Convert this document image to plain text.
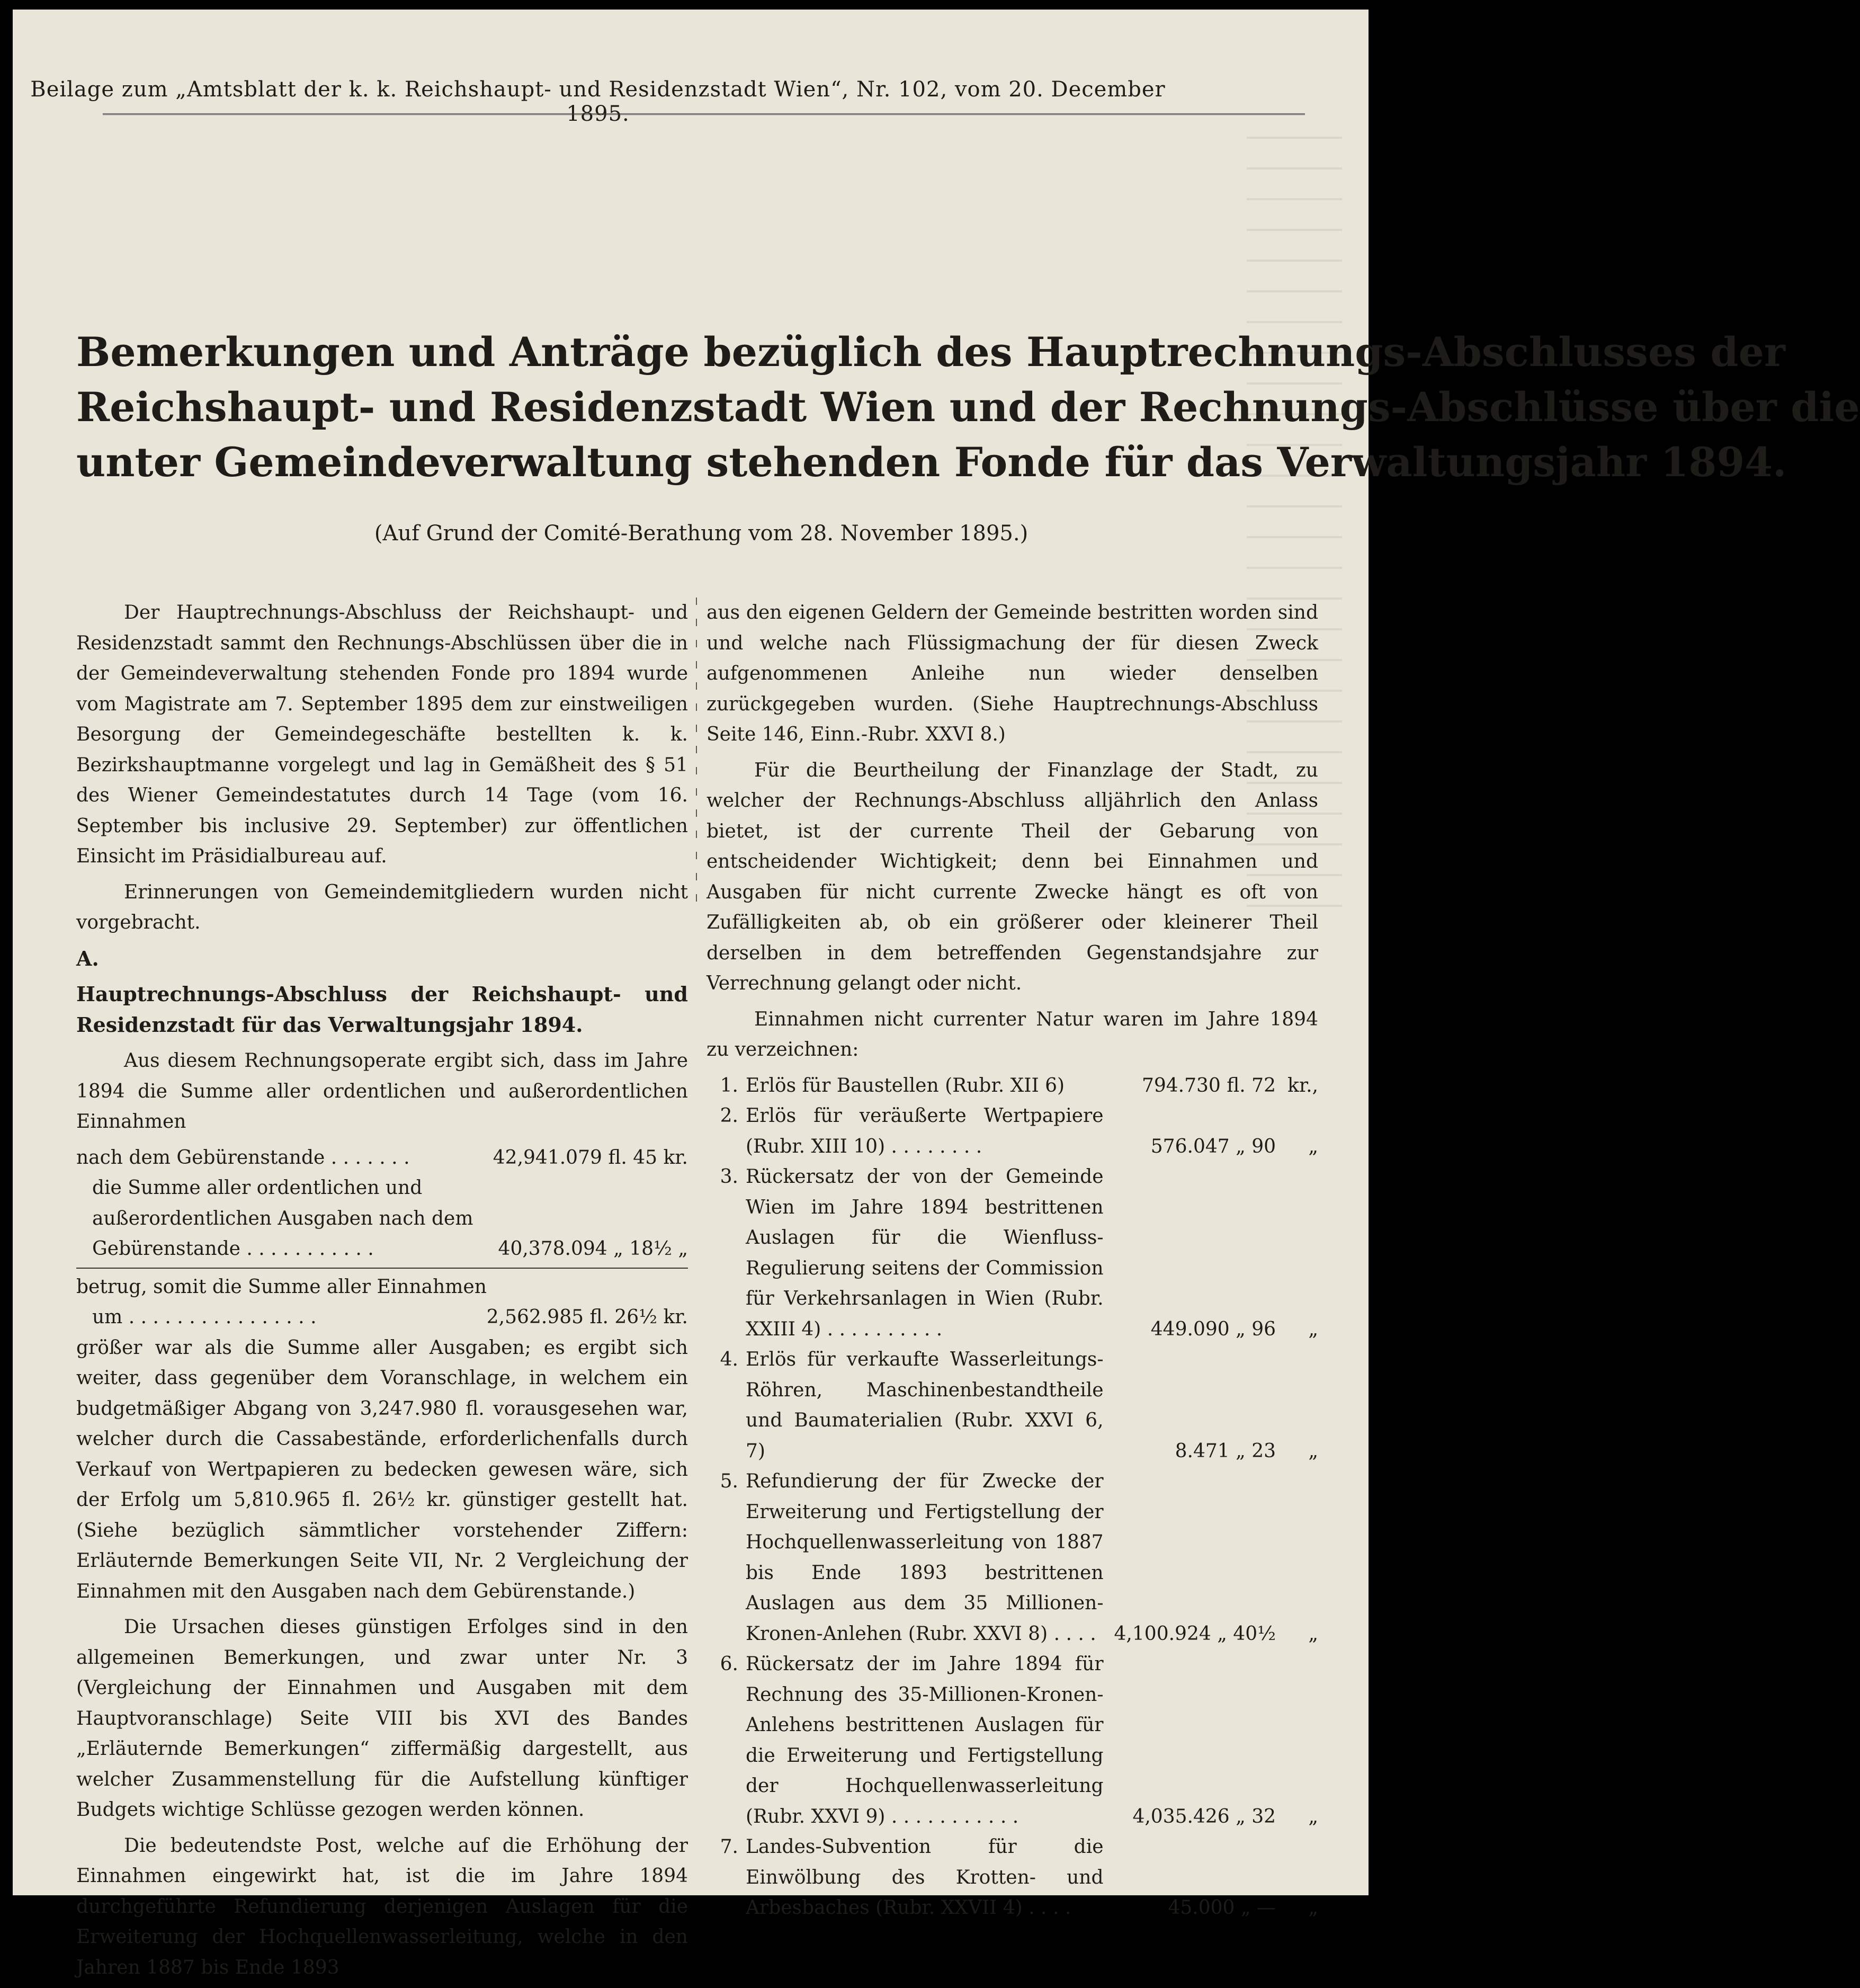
Beilage zum „Amtsblatt der k. k. Reichshaupt- und Residenzstadt Wien“, Nr. 102, vom 20. December 1895.
Bemerkungen und Anträge bezüglich des Hauptrechnungs-Abschlusses der
Reichshaupt- und Residenzstadt Wien und der Rechnungs-Abschlüsse über die
unter Gemeindeverwaltung stehenden Fonde für das Verwaltungsjahr 1894.
(Auf Grund der Comité-Berathung vom 28. November 1895.)

Der Hauptrechnungs-Abschluss der Reichshaupt- und Residenzstadt sammt den Rechnungs-Abschlüssen über die in der Gemeindeverwaltung stehenden Fonde pro 1894 wurde vom Magistrate am 7. September 1895 dem zur einstweiligen Besorgung der Gemeindegeschäfte bestellten k. k. Bezirkshauptmanne vorgelegt und lag in Gemäßheit des § 51 des Wiener Gemeindestatutes durch 14 Tage (vom 16. September bis inclusive 29. September) zur öffentlichen Einsicht im Präsidialbureau auf.

Erinnerungen von Gemeindemitgliedern wurden nicht vorgebracht.

A.

Hauptrechnungs-Abschluss der Reichshaupt- und Residenzstadt für das Verwaltungsjahr 1894.

Aus diesem Rechnungsoperate ergibt sich, dass im Jahre 1894 die Summe aller ordentlichen und außerordentlichen Einnahmen

nach dem Gebürenstande . . . . . . .	42,941.079 fl. 45 kr.
die Summe aller ordentlichen und außerordentlichen Ausgaben nach dem Gebürenstande . . . . . . . . . . .	40,378.094 „ 18½ „

betrug, somit die Summe aller Einnahmen

um . . . . . . . . . . . . . . . .	2,562.985 fl. 26½ kr.

größer war als die Summe aller Ausgaben; es ergibt sich weiter, dass gegenüber dem Voranschlage, in welchem ein budgetmäßiger Abgang von 3,247.980 fl. vorausgesehen war, welcher durch die Cassabestände, erforderlichenfalls durch Verkauf von Wertpapieren zu bedecken gewesen wäre, sich der Erfolg um 5,810.965 fl. 26½ kr. günstiger gestellt hat. (Siehe bezüglich sämmtlicher vorstehender Ziffern: Erläuternde Bemerkungen Seite VII, Nr. 2 Vergleichung der Einnahmen mit den Ausgaben nach dem Gebürenstande.)

Die Ursachen dieses günstigen Erfolges sind in den allgemeinen Bemerkungen, und zwar unter Nr. 3 (Vergleichung der Einnahmen und Ausgaben mit dem Hauptvoranschlage) Seite VIII bis XVI des Bandes „Erläuternde Bemerkungen“ ziffermäßig dargestellt, aus welcher Zusammenstellung für die Aufstellung künftiger Budgets wichtige Schlüsse gezogen werden können.

Die bedeutendste Post, welche auf die Erhöhung der Einnahmen eingewirkt hat, ist die im Jahre 1894 durchgeführte Refundierung derjenigen Auslagen für die Erweiterung der Hochquellenwasserleitung, welche in den Jahren 1887 bis Ende 1893

aus den eigenen Geldern der Gemeinde bestritten worden sind und welche nach Flüssigmachung der für diesen Zweck aufgenommenen Anleihe nun wieder denselben zurückgegeben wurden. (Siehe Hauptrechnungs-Abschluss Seite 146, Einn.-Rubr. XXVI 8.)

Für die Beurtheilung der Finanzlage der Stadt, zu welcher der Rechnungs-Abschluss alljährlich den Anlass bietet, ist der currente Theil der Gebarung von entscheidender Wichtigkeit; denn bei Einnahmen und Ausgaben für nicht currente Zwecke hängt es oft von Zufälligkeiten ab, ob ein größerer oder kleinerer Theil derselben in dem betreffenden Gegenstandsjahre zur Verrechnung gelangt oder nicht.

Einnahmen nicht currenter Natur waren im Jahre 1894 zu verzeichnen:

1.	Erlös für Baustellen (Rubr. XII 6)	794.730 fl. 72	kr.,
2.	Erlös für veräußerte Wertpapiere (Rubr. XIII 10) . . . . . . . .	576.047 „ 90	„
3.	Rückersatz der von der Gemeinde Wien im Jahre 1894 bestrittenen Auslagen für die Wienfluss-Regulierung seitens der Commission für Verkehrsanlagen in Wien (Rubr. XXIII 4) . . . . . . . . . .	449.090 „ 96	„
4.	Erlös für verkaufte Wasserleitungs-Röhren, Maschinenbestandtheile und Baumaterialien (Rubr. XXVI 6, 7)	8.471 „ 23	„
5.	Refundierung der für Zwecke der Erweiterung und Fertigstellung der Hochquellenwasserleitung von 1887 bis Ende 1893 bestrittenen Auslagen aus dem 35 Millionen-Kronen-Anlehen (Rubr. XXVI 8) . . . .	4,100.924 „ 40½	„
6.	Rückersatz der im Jahre 1894 für Rechnung des 35-Millionen-Kronen-Anlehens bestrittenen Auslagen für die Erweiterung und Fertigstellung der Hochquellenwasserleitung (Rubr. XXVI 9) . . . . . . . . . . .	4,035.426 „ 32	„
7.	Landes-Subvention für die Einwölbung des Krotten- und Arbesbaches (Rubr. XXVII 4) . . . .	45.000 „ —	„
